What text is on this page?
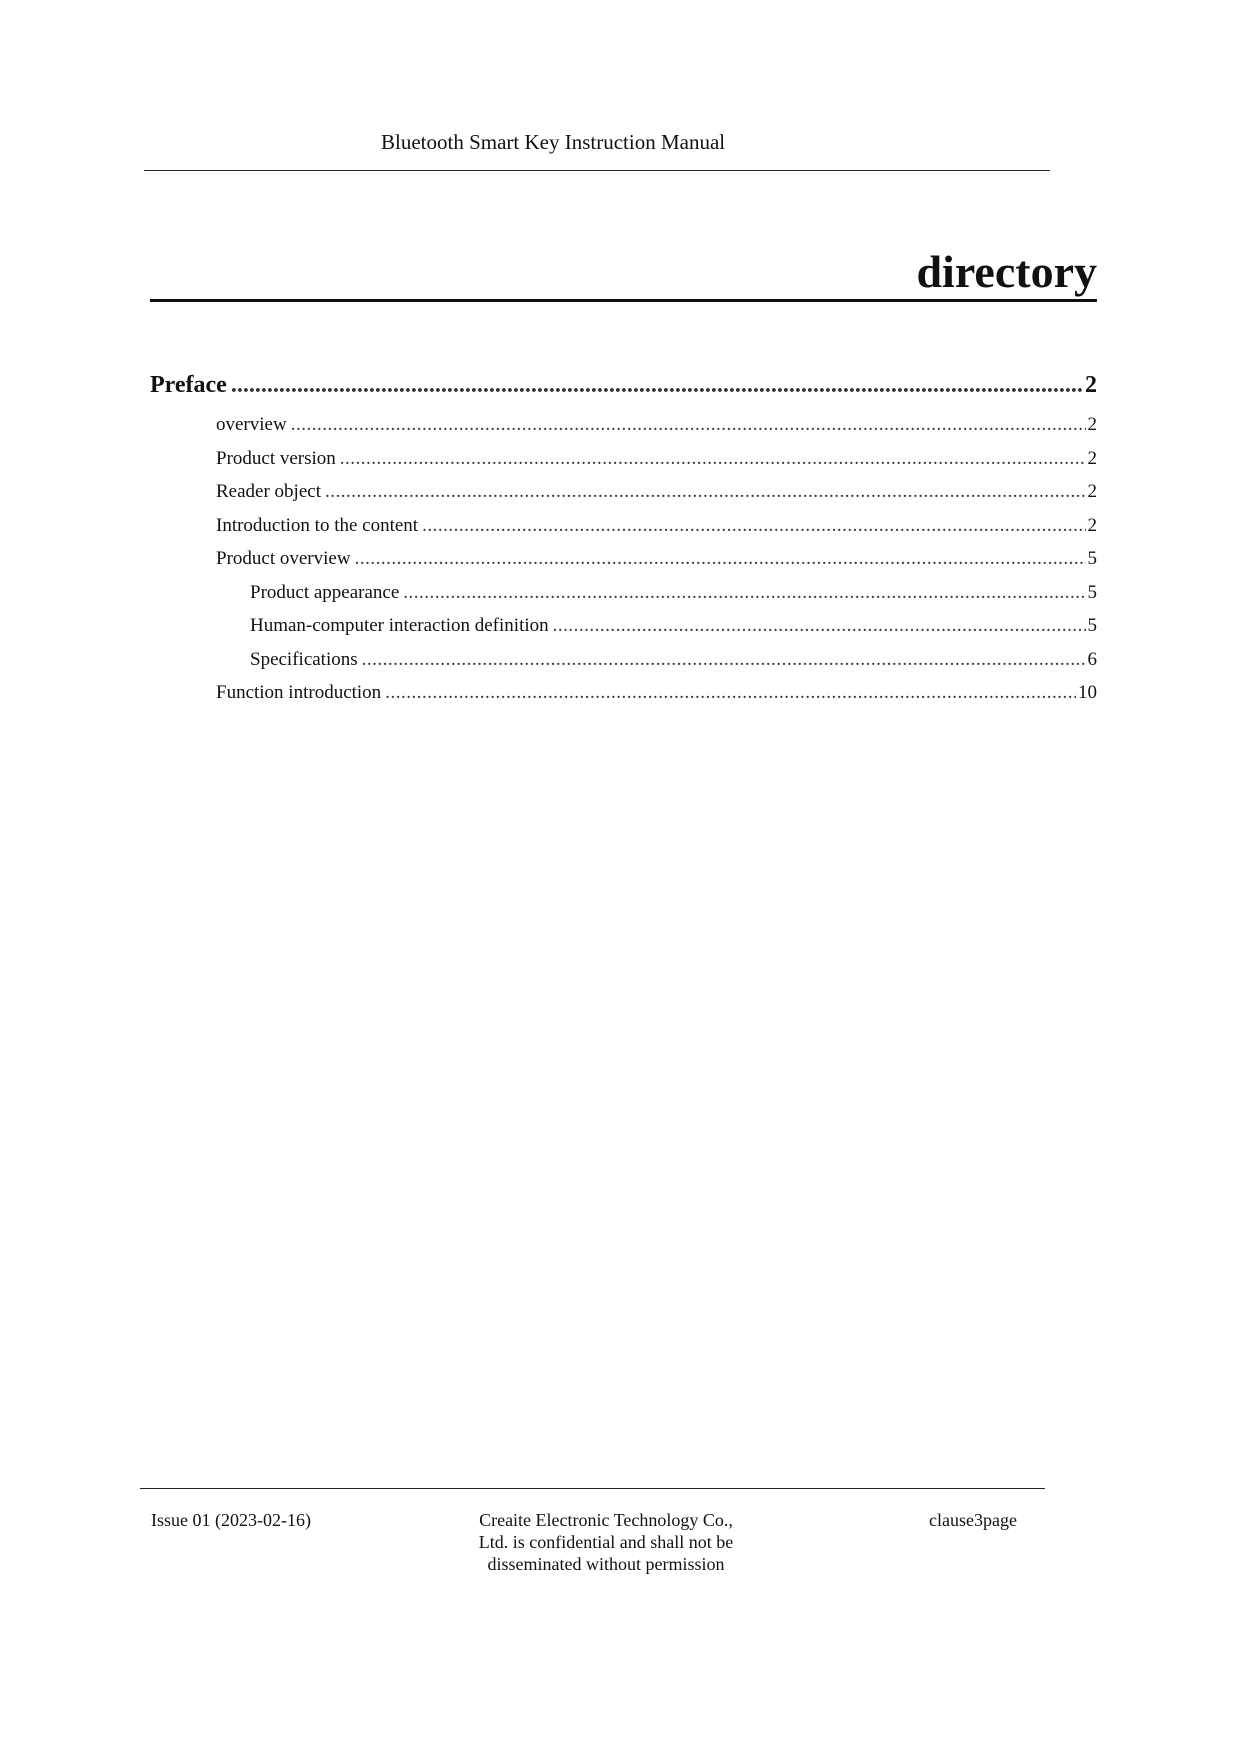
Bluetooth Smart Key Instruction Manual
directory
Preface .....	2
overview .....	2
Product version .....	2
Reader object .....	2
Introduction to the content .....	2
Product overview .....	5
Product appearance .....	5
Human-computer interaction definition .....	5
Specifications .....	6
Function introduction .....	10
Issue 01 (2023-02-16)	Creaite Electronic Technology Co., Ltd. is confidential and shall not be disseminated without permission
clause3page
